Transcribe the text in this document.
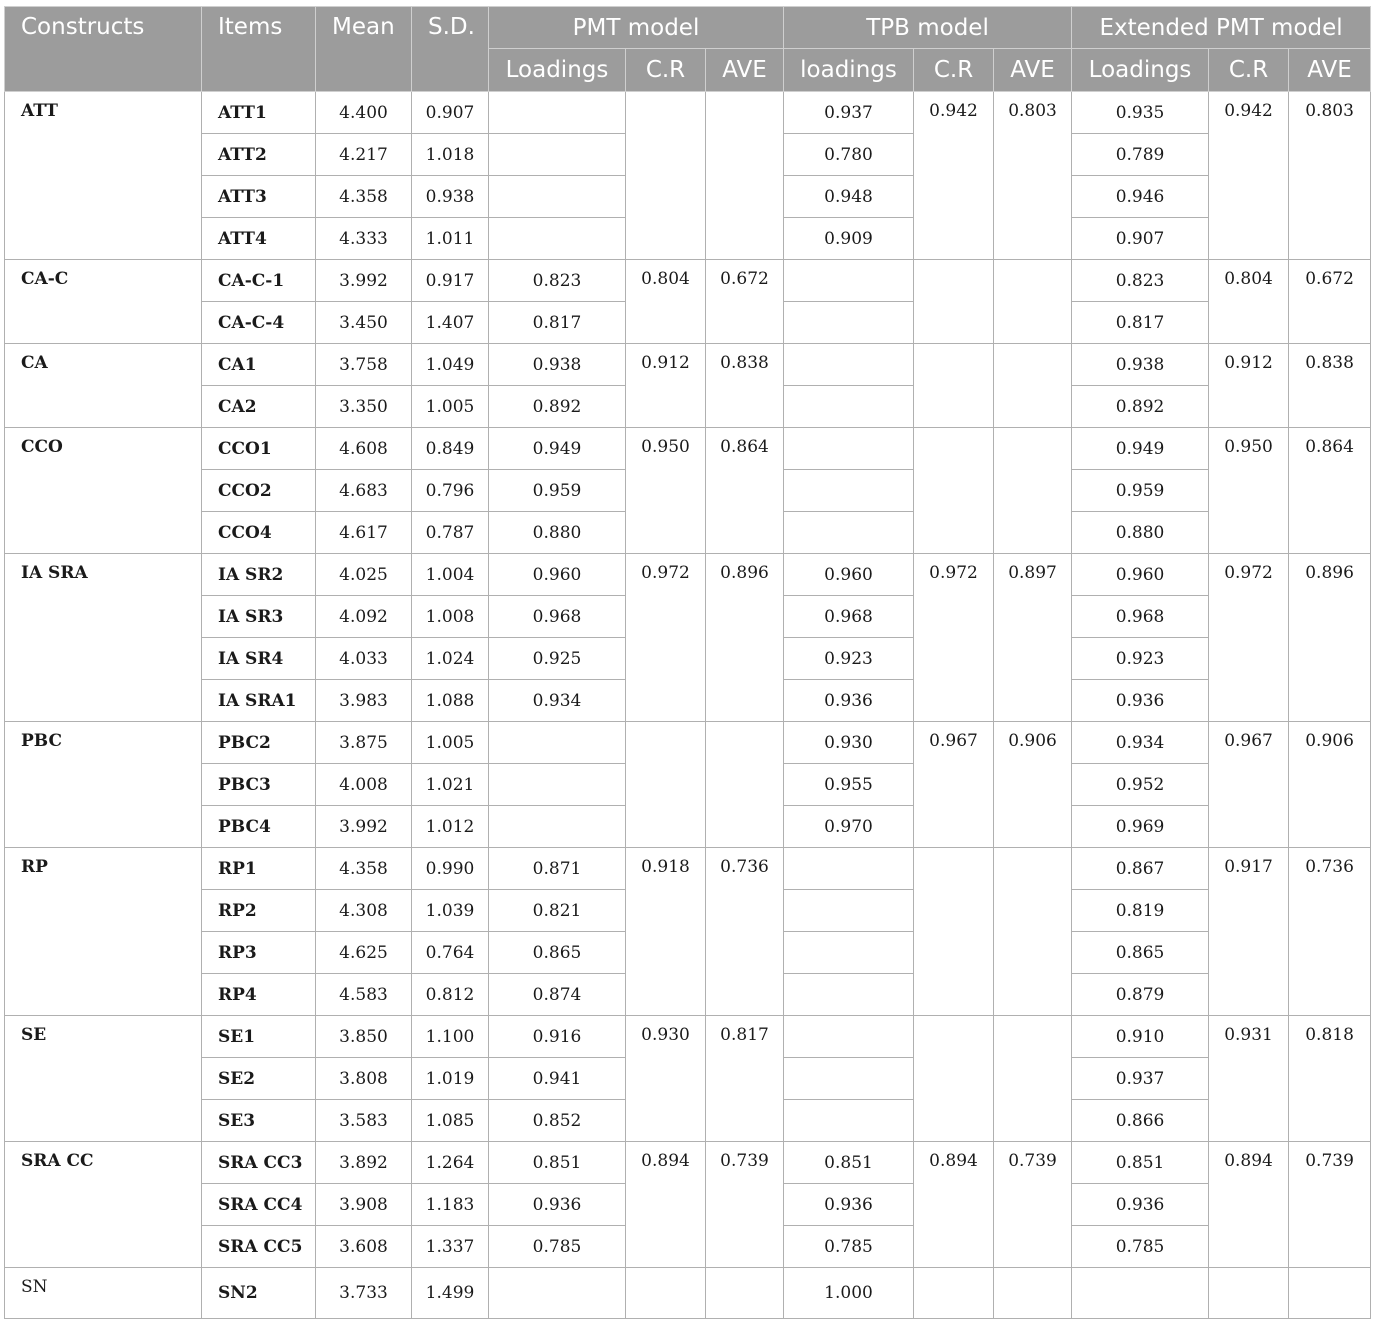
Constructs	Items	Mean	S.D.	PMT model			TPB model			Extended PMT model		
				Loadings	C.R	AVE	loadings	C.R	AVE	Loadings	C.R	AVE
ATT	ATT1	4.400	0.907				0.937	0.942	0.803	0.935	0.942	0.803
	ATT2	4.217	1.018				0.780			0.789		
	ATT3	4.358	0.938				0.948			0.946		
	ATT4	4.333	1.011				0.909			0.907		
CA-C	CA-C-1	3.992	0.917	0.823	0.804	0.672				0.823	0.804	0.672
	CA-C-4	3.450	1.407	0.817						0.817		
CA	CA1	3.758	1.049	0.938	0.912	0.838				0.938	0.912	0.838
	CA2	3.350	1.005	0.892						0.892		
CCO	CCO1	4.608	0.849	0.949	0.950	0.864				0.949	0.950	0.864
	CCO2	4.683	0.796	0.959						0.959		
	CCO4	4.617	0.787	0.880						0.880		
IA SRA	IA SR2	4.025	1.004	0.960	0.972	0.896	0.960	0.972	0.897	0.960	0.972	0.896
	IA SR3	4.092	1.008	0.968			0.968			0.968		
	IA SR4	4.033	1.024	0.925			0.923			0.923		
	IA SRA1	3.983	1.088	0.934			0.936			0.936		
PBC	PBC2	3.875	1.005				0.930	0.967	0.906	0.934	0.967	0.906
	PBC3	4.008	1.021				0.955			0.952		
	PBC4	3.992	1.012				0.970			0.969		
RP	RP1	4.358	0.990	0.871	0.918	0.736				0.867	0.917	0.736
	RP2	4.308	1.039	0.821						0.819		
	RP3	4.625	0.764	0.865						0.865		
	RP4	4.583	0.812	0.874						0.879		
SE	SE1	3.850	1.100	0.916	0.930	0.817				0.910	0.931	0.818
	SE2	3.808	1.019	0.941						0.937		
	SE3	3.583	1.085	0.852						0.866		
SRA CC	SRA CC3	3.892	1.264	0.851	0.894	0.739	0.851	0.894	0.739	0.851	0.894	0.739
	SRA CC4	3.908	1.183	0.936			0.936			0.936		
	SRA CC5	3.608	1.337	0.785			0.785			0.785		
SN	SN2	3.733	1.499				1.000					
